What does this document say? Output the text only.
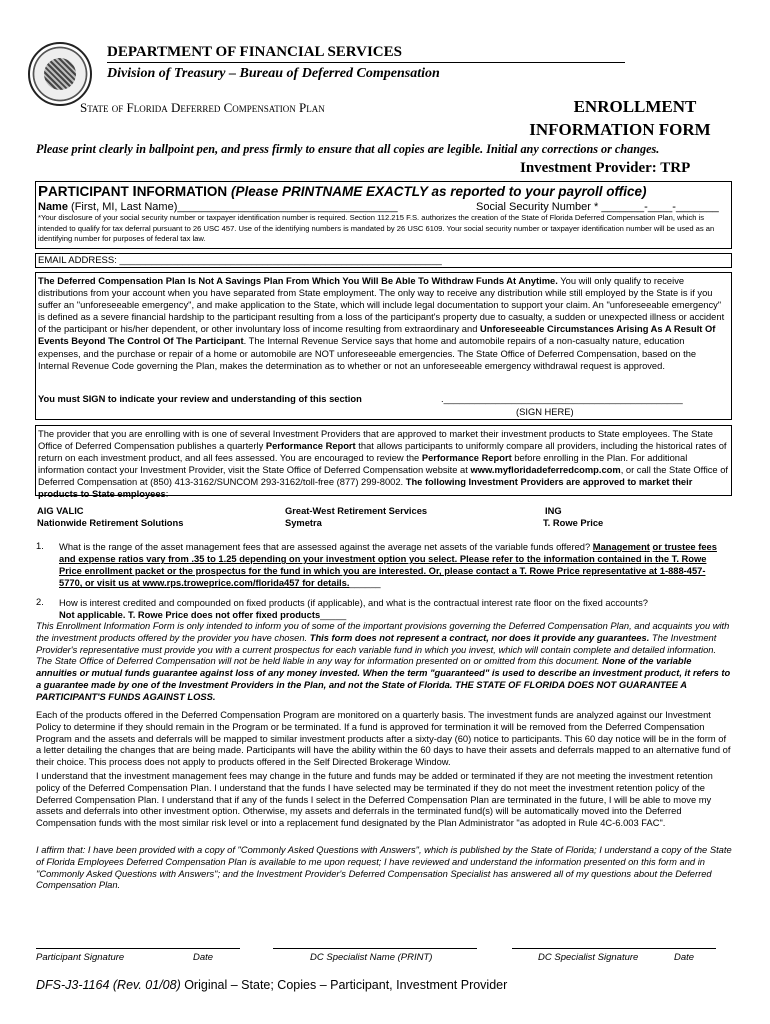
DEPARTMENT OF FINANCIAL SERVICES
Division of Treasury – Bureau of Deferred Compensation
State of Florida Deferred Compensation Plan	ENROLLMENT
INFORMATION FORM
Please print clearly in ballpoint pen, and press firmly to ensure that all copies are legible. Initial any corrections or changes.
Investment Provider: TRP
PARTICIPANT INFORMATION (Please PRINTNAME EXACTLY as reported to your payroll office)
Name (First, MI, Last Name)____________________________________	Social Security Number * _______-____-_______
*Your disclosure of your social security number or taxpayer identification number is required. Section 112.215 F.S. authorizes the creation of the State of Florida Deferred Compensation Plan, which is intended to qualify for tax deferral pursuant to 26 USC 457. Use of the identifying numbers is mandated by 26 USC 6109. Your social security number or taxpayer identification number will be used as an identifying number for purposes of federal tax law.
EMAIL ADDRESS: _____________________________________________________________
The Deferred Compensation Plan Is Not A Savings Plan From Which You Will Be Able To Withdraw Funds At Anytime. You will only qualify to receive distributions from your account when you have separated from State employment. The only way to receive any distribution while still employed by the State is if you suffer an "unforeseeable emergency", and make application to the State, which will include legal documentation to support your claim. An "unforeseeable emergency" is defined as a severe financial hardship to the participant resulting from a loss of the participant's property due to casualty, a sudden or unexpected illness or accident of the participant or his/her dependent, or other involuntary loss of income resulting from extraordinary and Unforeseeable Circumstances Arising As A Result Of Events Beyond The Control Of The Participant. The Internal Revenue Service says that home and automobile repairs of a non-casualty nature, education expenses, and the purchase or repair of a home or automobile are NOT unforeseeable emergencies. The State Office of Deferred Compensation, based on the Internal Revenue Code governing the Plan, makes the determination as to whether or not an unforeseeable emergency withdrawal request is approved.
You must SIGN to indicate your review and understanding of this section	.______________________________________________
(SIGN HERE)
The provider that you are enrolling with is one of several Investment Providers that are approved to market their investment products to State employees. The State Office of Deferred Compensation publishes a quarterly Performance Report that allows participants to uniformly compare all providers, including the historical rates of return on each investment product, and all fees assessed. You are encouraged to review the Performance Report before enrolling in the Plan. For additional information contact your Investment Provider, visit the State Office of Deferred Compensation website at www.myfloridadeferredcomp.com, or call the State Office of Deferred Compensation at (850) 413-3162/SUNCOM 293-3162/toll-free (877) 299-8002. The following Investment Providers are approved to market their products to State employees:
AIG VALIC	Great-West Retirement Services	ING
Nationwide Retirement Solutions	Symetra	T. Rowe Price
1. What is the range of the asset management fees that are assessed against the average net assets of the variable funds offered? Management or trustee fees and expense ratios vary from .35 to 1.25 depending on your investment option you select. Please refer to the information contained in the T. Rowe Price enrollment packet or the prospectus for the fund in which you are interested. Or, please contact a T. Rowe Price representative at 1-888-457-5770, or visit us at www.rps.troweprice.com/florida457 for details.______
2. How is interest credited and compounded on fixed products (if applicable), and what is the contractual interest rate floor on the fixed accounts?
Not applicable. T. Rowe Price does not offer fixed products_____
This Enrollment Information Form is only intended to inform you of some of the important provisions governing the Deferred Compensation Plan, and acquaints you with the investment products offered by the provider you have chosen. This form does not represent a contract, nor does it provide any guarantees. The Investment Provider's representative must provide you with a current prospectus for each variable fund in which you invest, which will contain complete and detailed information. The State Office of Deferred Compensation will not be held liable in any way for information presented on or omitted from this document. None of the variable annuities or mutual funds guarantee against loss of any money invested. When the term "guaranteed" is used to describe an investment product, it refers to a guarantee made by one of the Investment Providers in the Plan, and not the State of Florida. THE STATE OF FLORIDA DOES NOT GUARANTEE A PARTICIPANT'S FUNDS AGAINST LOSS.
Each of the products offered in the Deferred Compensation Program are monitored on a quarterly basis. The investment funds are analyzed against our Investment Policy to determine if they should remain in the Program or be terminated. If a fund is approved for termination it will be removed from the Deferred Compensation Program and the assets and deferrals will be mapped to similar investment products after a sixty-day (60) notice to participants. This 60 day notice will be in the form of a letter detailing the changes that are being made. Participants will have the ability within the 60 days to have their assets and deferrals mapped to an alternative fund of their choice. This process does not apply to products offered in the Self Directed Brokerage Window.
I understand that the investment management fees may change in the future and funds may be added or terminated if they are not meeting the investment retention policy of the Deferred Compensation Plan. I understand that the funds I have selected may be terminated if they do not meet the investment retention policy of the Deferred Compensation Plan. I understand that if any of the funds I select in the Deferred Compensation Plan are terminated in the future, I will be able to move my assets and deferrals into other investment option. Otherwise, my assets and deferrals in the terminated fund(s) will be automatically moved into the Deferred Compensation funds with the most similar risk level or into a replacement fund designated by the Plan Administrator "as adopted in Rule 4C-6.003 FAC".
I affirm that: I have been provided with a copy of "Commonly Asked Questions with Answers", which is published by the State of Florida; I understand a copy of the State of Florida Employees Deferred Compensation Plan is available to me upon request; I have reviewed and understand the information presented on this form and in "Commonly Asked Questions with Answers"; and the Investment Provider's Deferred Compensation Specialist has answered all of my questions about the Deferred Compensation Plan.
Participant Signature	Date	DC Specialist Name (PRINT)	DC Specialist Signature	Date
DFS-J3-1164 (Rev. 01/08) Original – State; Copies – Participant, Investment Provider
